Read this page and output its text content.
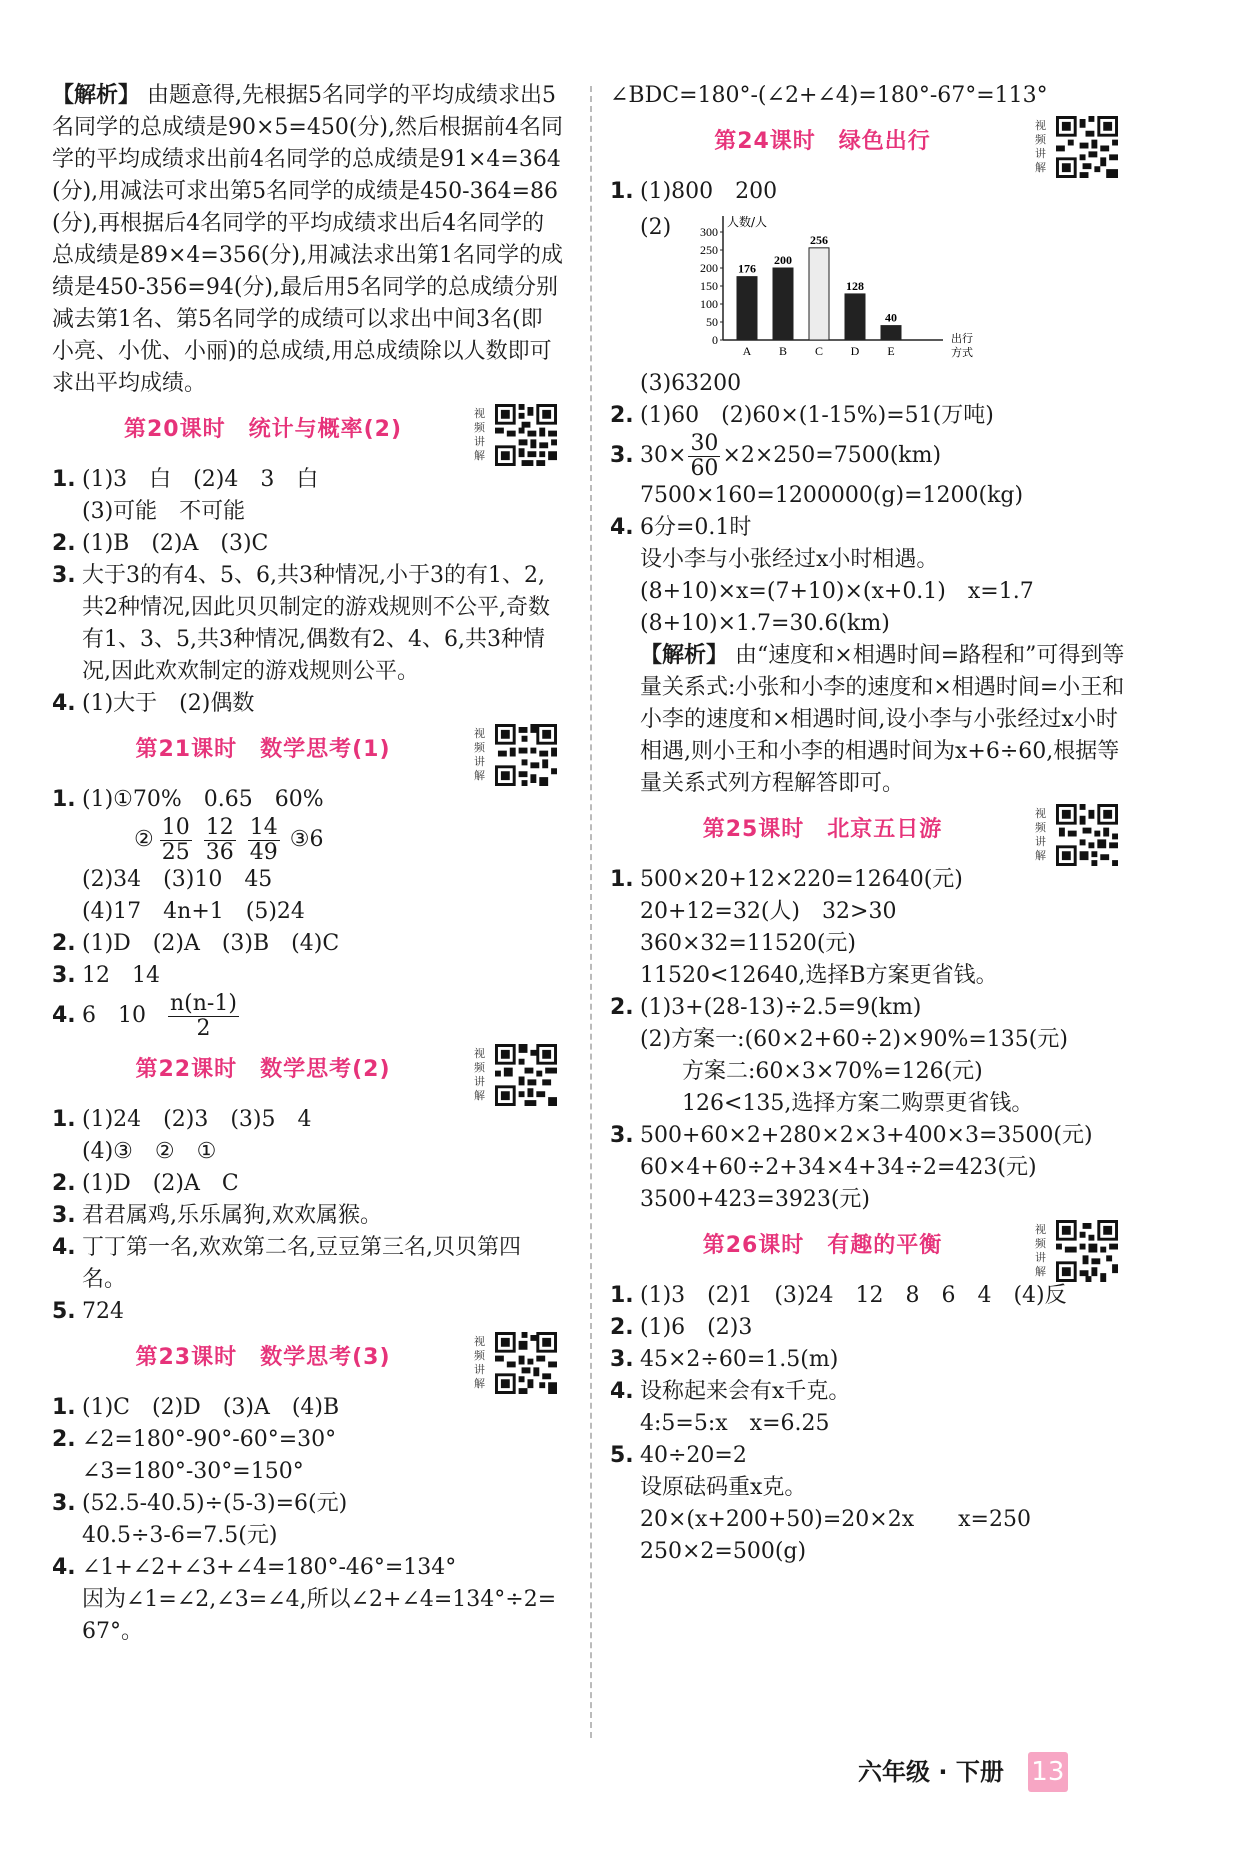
【解析】 由题意得,先根据5名同学的平均成绩求出5名同学的总成绩是90×5=450(分),然后根据前4名同学的平均成绩求出前4名同学的总成绩是91×4=364(分),用减法可求出第5名同学的成绩是450-364=86(分),再根据后4名同学的平均成绩求出后4名同学的总成绩是89×4=356(分),用减法求出第1名同学的成绩是450-356=94(分),最后用5名同学的总成绩分别减去第1名、第5名同学的成绩可以求出中间3名(即小亮、小优、小丽)的总成绩,用总成绩除以人数即可求出平均成绩。
第20课时　统计与概率(2)
视频讲解
1. (1)3　白　(2)4　3　白
(3)可能　不可能
2. (1)B　(2)A　(3)C
3. 大于3的有4、5、6,共3种情况,小于3的有1、2,共2种情况,因此贝贝制定的游戏规则不公平,奇数有1、3、5,共3种情况,偶数有2、4、6,共3种情况,因此欢欢制定的游戏规则公平。
4. (1)大于　(2)偶数
第21课时　数学思考(1)
视频讲解
1. (1)①70%　0.65　60%
② $\frac{10}{25} \frac{12}{36} \frac{14}{49}$ ③6
(2)34　(3)10　45
(4)17　4n+1　(5)24
2. (1)D　(2)A　(3)B　(4)C
3. 12　14
4. 6　$10 \frac{n(n-1)}{2}$
第22课时　数学思考(2)
视频讲解
1. (1)24　(2)3　(3)5　4
(4)③　②　①
2. (1)D　(2)A　C
3. 君君属鸡,乐乐属狗,欢欢属猴。
4. 丁丁第一名,欢欢第二名,豆豆第三名,贝贝第四名。
5. 724
第23课时　数学思考(3)
视频讲解
1. (1)C　(2)D　(3)A　(4)B
2. ∠2=180°-90°-60°=30°
∠3=180°-30°=150°
3. (52.5-40.5)÷(5-3)=6(元)
40.5÷3-6=7.5(元)
4. ∠1+∠2+∠3+∠4=180°-46°=134°
因为∠1=∠2,∠3=∠4,所以∠2+∠4=134°÷2=67°。
∠BDC=180°-(∠2+∠4)=180°-67°=113°
第24课时　绿色出行
视频讲解
1. (1)800　200
(2)
0
50
100
150
200
250
300
人数/人
176
A
200
B
256
C
128
D
40
E
出行
方式
(3)63200
2. (1)60　(2)60×(1-15%)=51(万吨)
3. $30\times \frac{30}{60} \times 2\times 250=7500(km)$
7500×160=1200000(g)=1200(kg)
4. 6分=0.1时
设小李与小张经过x小时相遇。
(8+10)×x=(7+10)×(x+0.1)　x=1.7
(8+10)×1.7=30.6(km)
【解析】 由“速度和×相遇时间=路程和”可得到等量关系式:小张和小李的速度和×相遇时间=小王和小李的速度和×相遇时间,设小李与小张经过x小时相遇,则小王和小李的相遇时间为x+6÷60,根据等量关系式列方程解答即可。
第25课时　北京五日游
视频讲解
1. 500×20+12×220=12640(元)
20+12=32(人)　32>30
360×32=11520(元)
11520<12640,选择B方案更省钱。
2. (1)3+(28-13)÷2.5=9(km)
(2)方案一:(60×2+60÷2)×90%=135(元)
方案二:60×3×70%=126(元)
126<135,选择方案二购票更省钱。
3. 500+60×2+280×2×3+400×3=3500(元)
60×4+60÷2+34×4+34÷2=423(元)
3500+423=3923(元)
第26课时　有趣的平衡
视频讲解
1. (1)3　(2)1　(3)24　12　8　6　4　(4)反
2. (1)6　(2)3
3. 45×2÷60=1.5(m)
4. 设称起来会有x千克。
4:5=5:x　x=6.25
5. 40÷20=2
设原砝码重x克。
20×(x+200+50)=20×2x　　x=250
250×2=500(g)
六年级 · 下册 13
